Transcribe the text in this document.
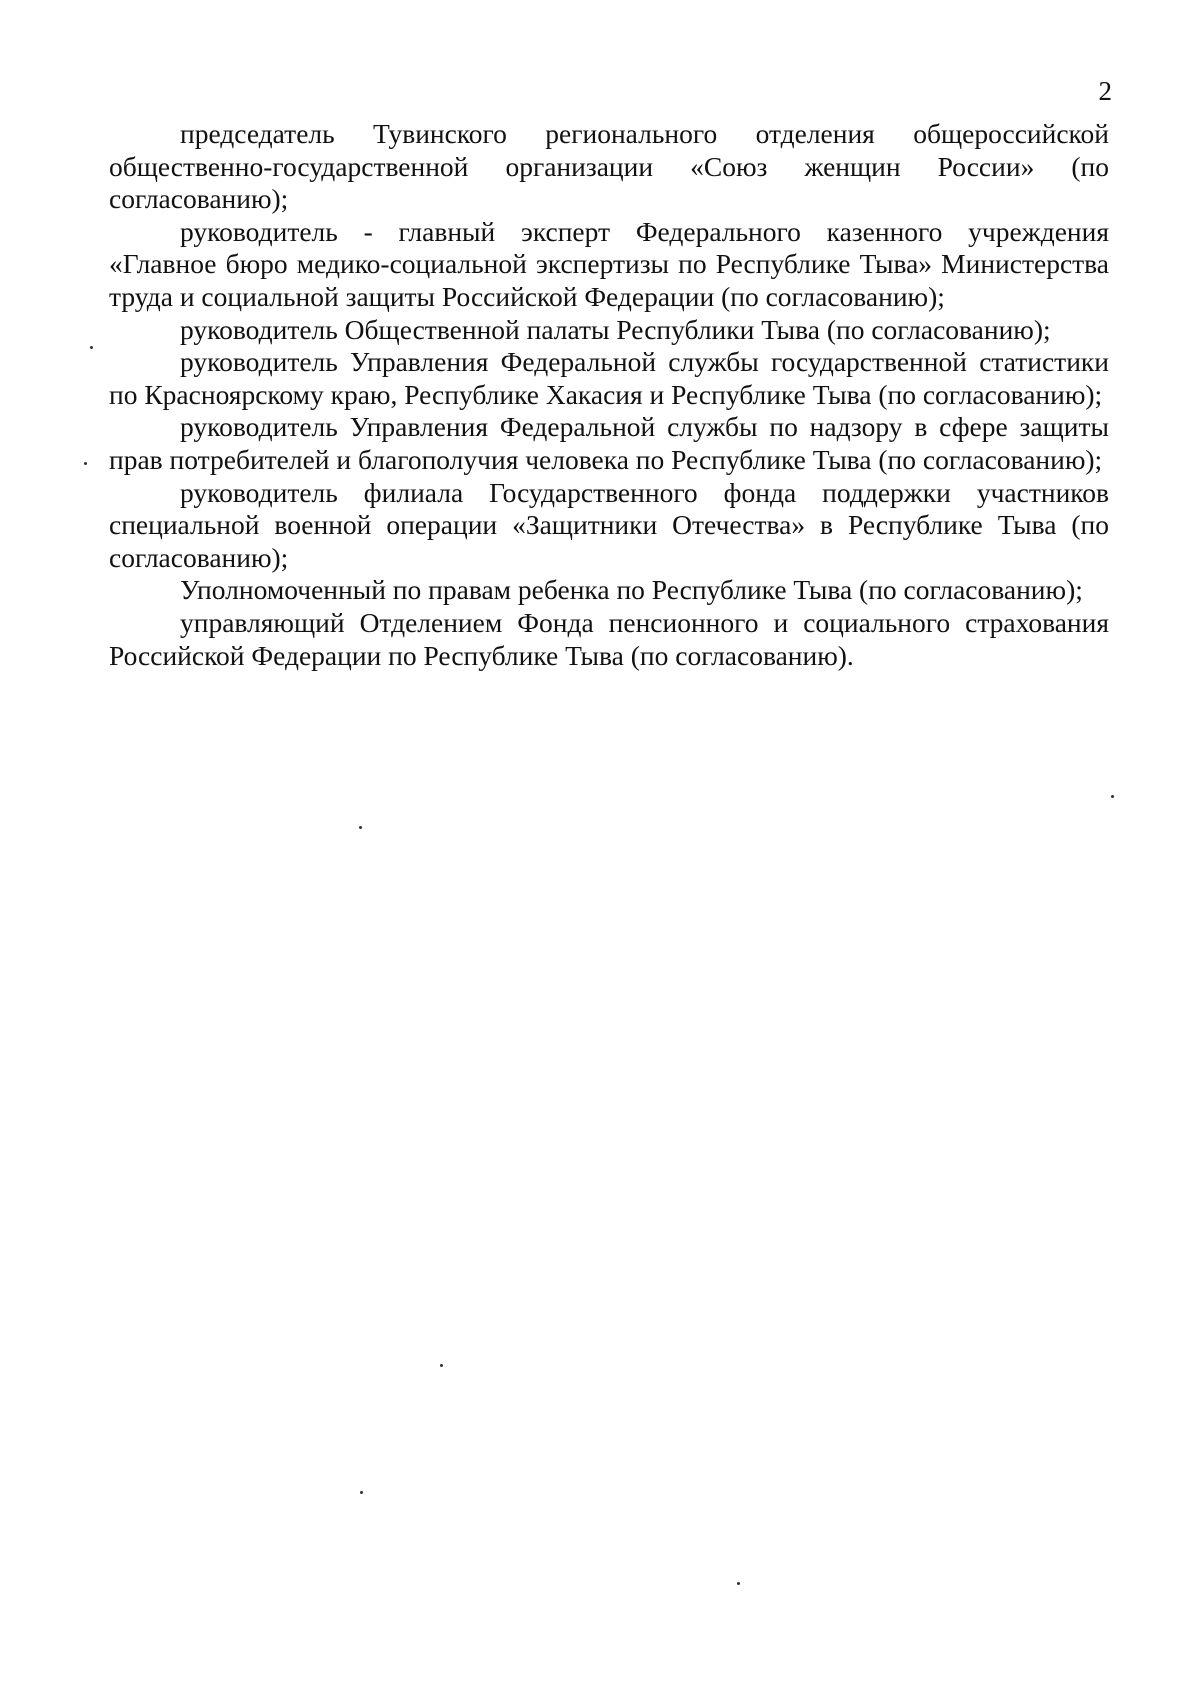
2

председатель Тувинского регионального отделения общероссийской общественно-государственной организации «Союз женщин России» (по согласованию);

руководитель - главный эксперт Федерального казенного учреждения «Главное бюро медико-социальной экспертизы по Республике Тыва» Министерства труда и социальной защиты Российской Федерации (по согласованию);

руководитель Общественной палаты Республики Тыва (по согласованию);

руководитель Управления Федеральной службы государственной статистики по Красноярскому краю, Республике Хакасия и Республике Тыва (по согласованию);

руководитель Управления Федеральной службы по надзору в сфере защиты прав потребителей и благополучия человека по Республике Тыва (по согласованию);

руководитель филиала Государственного фонда поддержки участников специальной военной операции «Защитники Отечества» в Республике Тыва (по согласованию);

Уполномоченный по правам ребенка по Республике Тыва (по согласованию);

управляющий Отделением Фонда пенсионного и социального страхования Российской Федерации по Республике Тыва (по согласованию).
